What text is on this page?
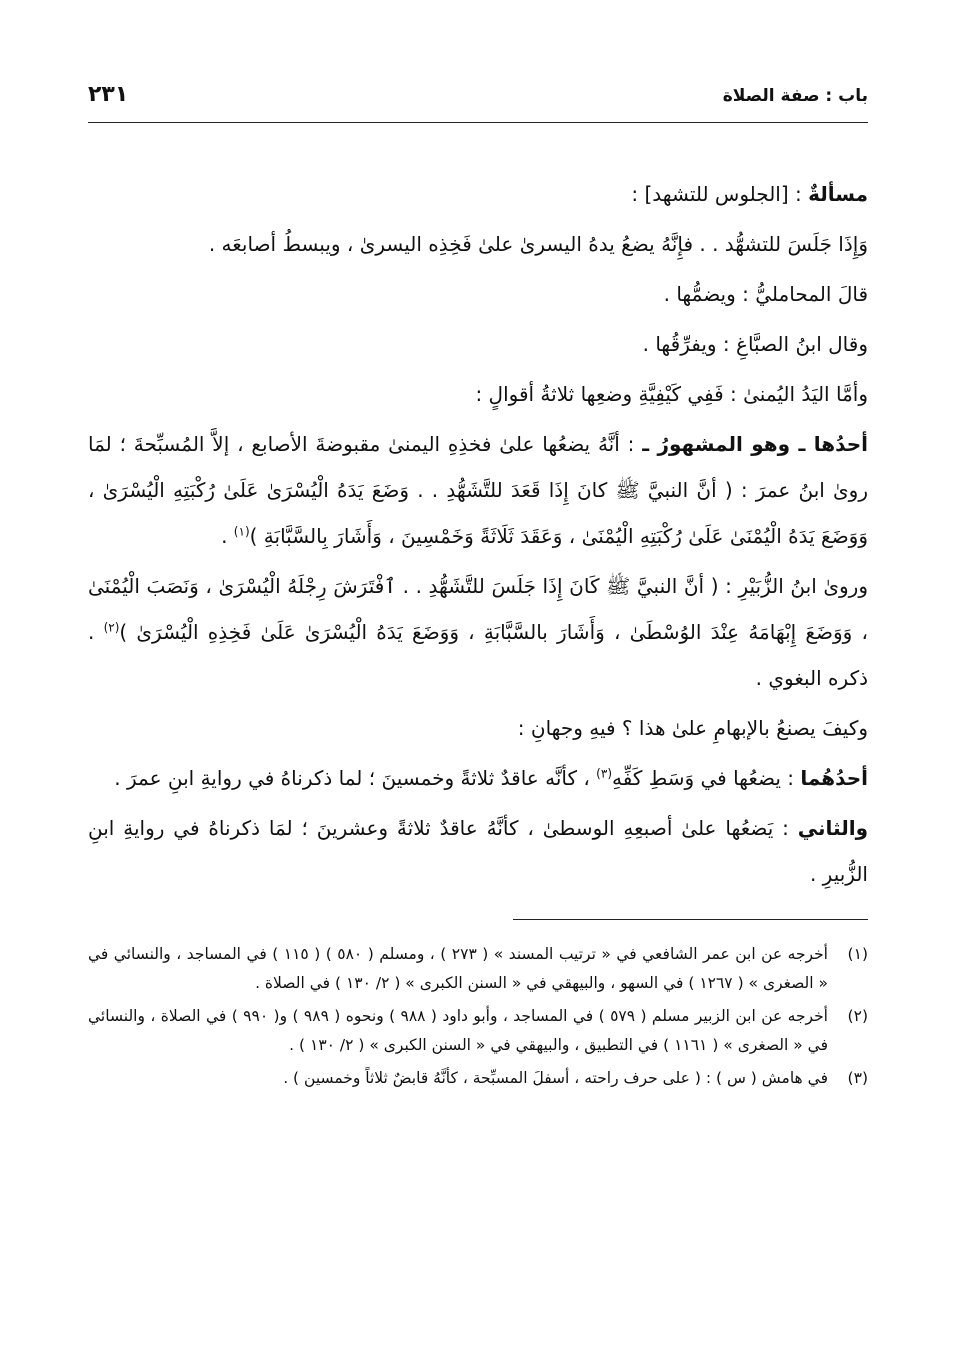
باب : صفة الصلاة
٢٣١

مسألةٌ : [الجلوس للتشهد] :

وَإِذَا جَلَسَ للتشهُّد . . فإِنَّهُ يضعُ يدهُ اليسرىٰ علىٰ فَخِذِه اليسرىٰ ، ويبسطُ أصابعَه .

قالَ المحامليُّ : ويضمُّها .

وقال ابنُ الصبَّاغِ : ويفرِّقُها .

وأمَّا اليَدُ اليُمنىٰ : فَفِي كَيْفِيَّةِ وضعِها ثلاثةُ أقوالٍ :

أحدُها ـ وهو المشهورُ ـ : أنَّهُ يضعُها علىٰ فخذِهِ اليمنىٰ مقبوضةَ الأصابع ، إلاَّ المُسبِّحةَ ؛ لمَا روىٰ ابنُ عمرَ : ( أنَّ النبيَّ ﷺ كانَ إِذَا قَعَدَ للتَّشَهُّدِ . . وَضَعَ يَدَهُ الْيُسْرَىٰ عَلَىٰ رُكْبَتِهِ الْيُسْرَىٰ ، وَوَضَعَ يَدَهُ الْيُمْنَىٰ عَلَىٰ رُكْبَتِهِ الْيُمْنَىٰ ، وَعَقَدَ ثَلَاثَةً وَخَمْسِينَ ، وَأَشَارَ بِالسَّبَّابَةِ )$^{(١)}$ .

وروىٰ ابنُ الزُّبَيْرِ : ( أنَّ النبيَّ ﷺ كَانَ إِذَا جَلَسَ للتَّشَهُّدِ . . ٱفْتَرَشَ رِجْلَهُ الْيُسْرَىٰ ، وَنَصَبَ الْيُمْنَىٰ ، وَوَضَعَ إِبْهَامَهُ عِنْدَ الوُسْطَىٰ ، وَأَشَارَ بالسَّبَّابَةِ ، وَوَضَعَ يَدَهُ الْيُسْرَىٰ عَلَىٰ فَخِذِهِ الْيُسْرَىٰ )$^{(٢)}$ . ذكره البغوي .

وكيفَ يصنعُ بالإبهامِ علىٰ هذا ؟ فيهِ وجهانِ :

أحدُهُما : يضعُها في وَسَطِ كَفِّهِ$^{(٣)}$ ، كأنَّه عاقدٌ ثلاثةً وخمسينَ ؛ لما ذكرناهُ في روايةِ ابنِ عمرَ .

والثاني : يَضعُها علىٰ أصبعِهِ الوسطىٰ ، كأنَّهُ عاقدٌ ثلاثةً وعشرينَ ؛ لمَا ذكرناهُ في روايةِ ابنِ الزُّبيرِ .

(١)
أخرجه عن ابن عمر الشافعي في « ترتيب المسند » ( ٢٧٣ ) ، ومسلم ( ٥٨٠ ) ( ١١٥ ) في المساجد ، والنسائي في « الصغرى » ( ١٢٦٧ ) في السهو ، والبيهقي في « السنن الكبرى » ( ٢/ ١٣٠ ) في الصلاة .
(٢)
أخرجه عن ابن الزبير مسلم ( ٥٧٩ ) في المساجد ، وأبو داود ( ٩٨٨ ) ونحوه ( ٩٨٩ ) و( ٩٩٠ ) في الصلاة ، والنسائي في « الصغرى » ( ١١٦١ ) في التطبيق ، والبيهقي في « السنن الكبرى » ( ٢/ ١٣٠ ) .
(٣)
في هامش ( س ) : ( على حرف راحته ، أسفلَ المسبِّحة ، كأنَّهُ قابضٌ ثلاثاً وخمسين ) .
